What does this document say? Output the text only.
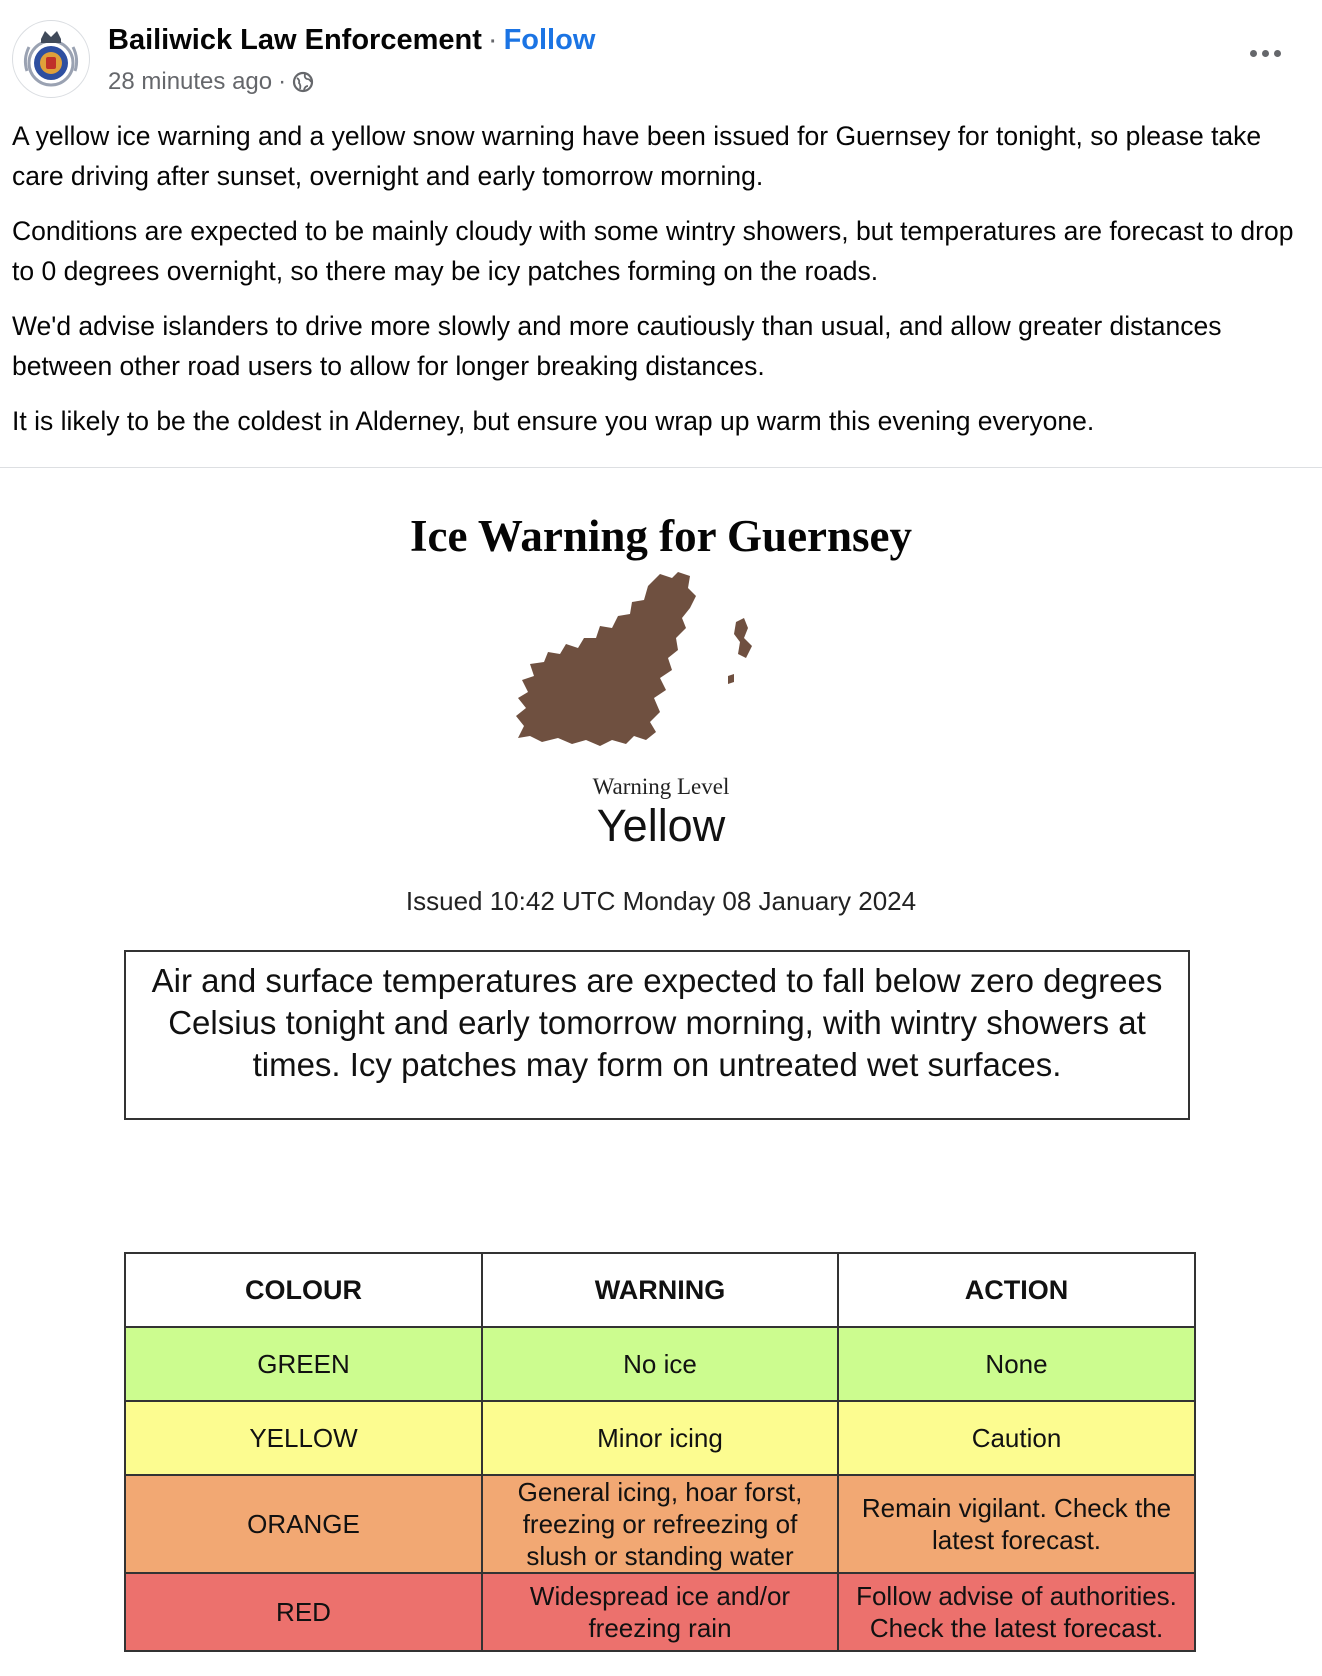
Bailiwick Law Enforcement · Follow
28 minutes ago ·

A yellow ice warning and a yellow snow warning have been issued for Guernsey for tonight, so please take care driving after sunset, overnight and early tomorrow morning.

Conditions are expected to be mainly cloudy with some wintry showers, but temperatures are forecast to drop to 0 degrees overnight, so there may be icy patches forming on the roads.

We'd advise islanders to drive more slowly and more cautiously than usual, and allow greater distances between other road users to allow for longer breaking distances.

It is likely to be the coldest in Alderney, but ensure you wrap up warm this evening everyone.

Ice Warning for Guernsey
Warning Level
Yellow
Issued 10:42 UTC Monday 08 January 2024
Air and surface temperatures are expected to fall below zero degrees Celsius tonight and early tomorrow morning, with wintry showers at times. Icy patches may form on untreated wet surfaces.
COLOUR	WARNING	ACTION
GREEN	No ice	None
YELLOW	Minor icing	Caution
ORANGE	General icing, hoar forst, freezing or refreezing of slush or standing water	Remain vigilant. Check the latest forecast.
RED	Widespread ice and/or freezing rain	Follow advise of authorities. Check the latest forecast.
